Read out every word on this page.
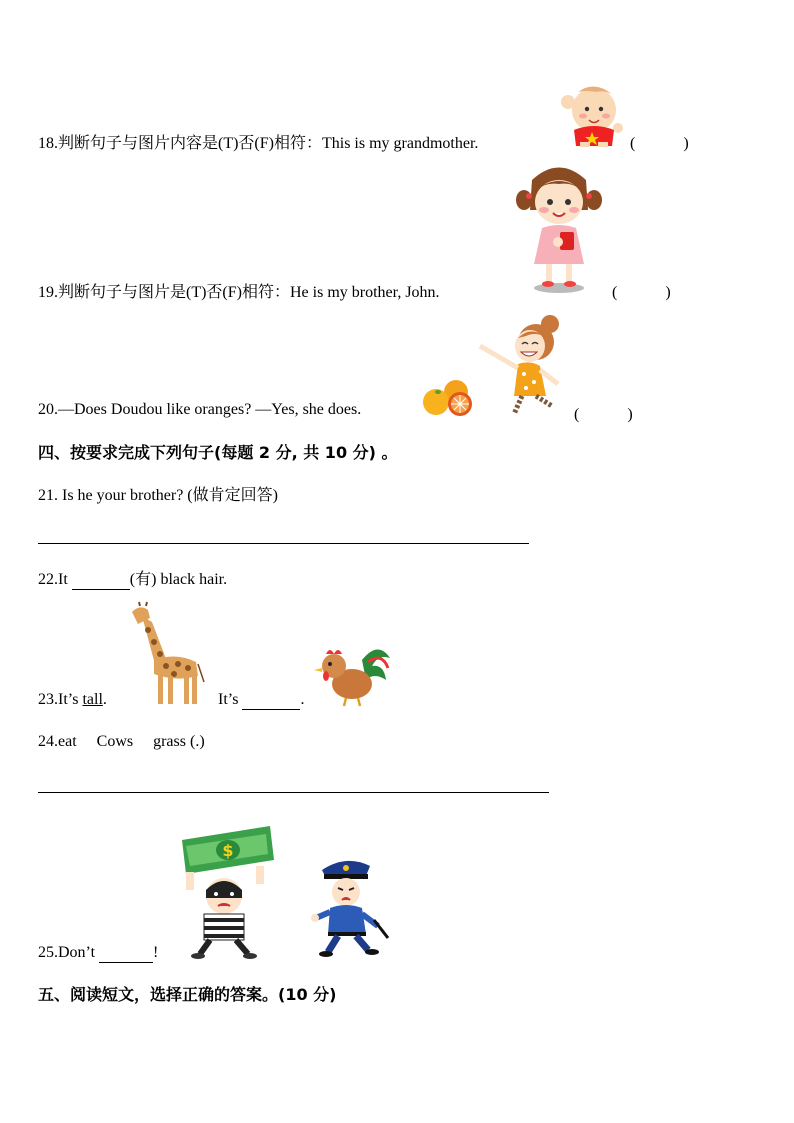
18.判断句子与图片内容是(T)否(F)相符：This is my grandmother.	(　　　)
19.判断句子与图片是(T)否(F)相符：He is my brother, John.	(　　　)
20.—Does Doudou like oranges? —Yes, she does.	(　　　)
四、按要求完成下列句子(每题 2 分, 共 10 分) 。
21. Is he your brother? (做肯定回答)
22.It	(有) black hair.
23.It’s tall.	It’s	.
24.eat     Cows     grass (.)
$
25.Don’t	!
五、阅读短文，选择正确的答案。(10 分)
